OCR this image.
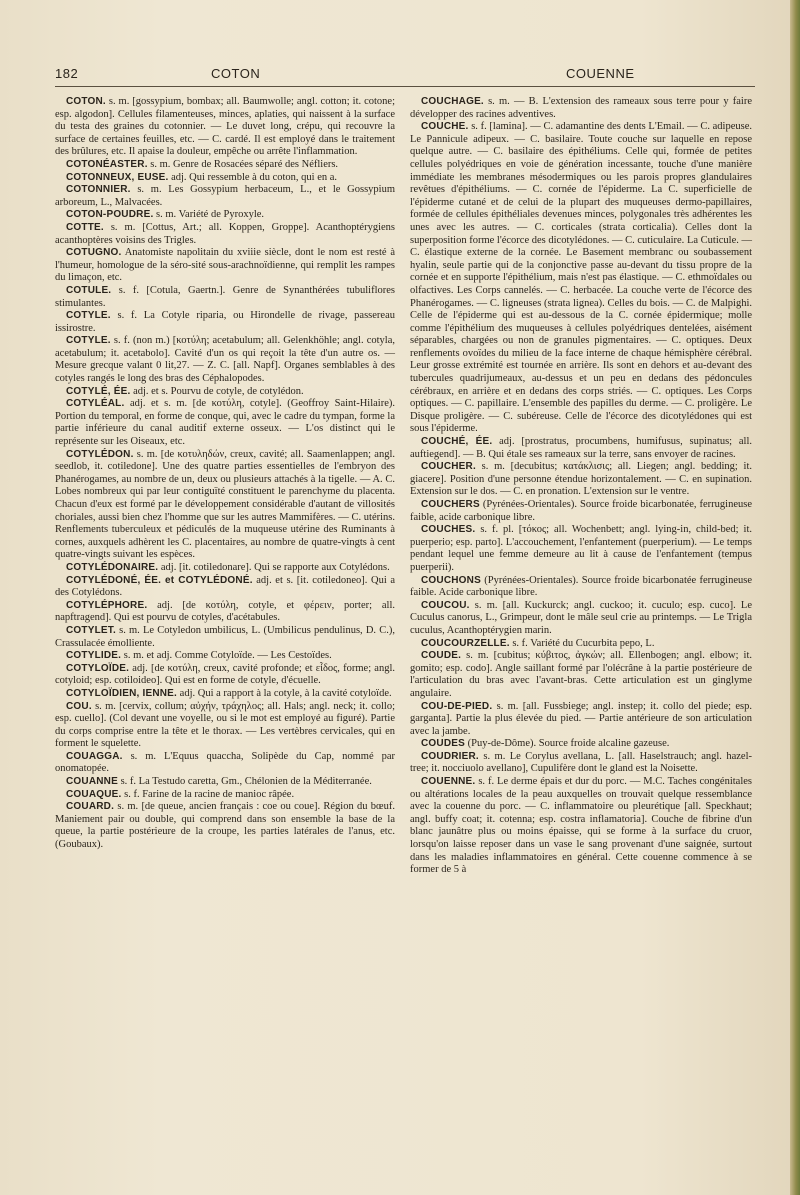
182	COTON	COUENNE

COTON. s. m. [gossypium, bombax; all. Baumwolle; angl. cotton; it. cotone; esp. algodon]. Cellules filamenteuses, minces, aplaties, qui naissent à la surface du testa des graines du cotonnier. — Le duvet long, crépu, qui recouvre la surface de certaines feuilles, etc. — C. cardé. Il est employé dans le traitement des brûlures, etc. Il apaise la douleur, empêche ou arrête l'inflammation.

COTONÉASTER. s. m. Genre de Rosacées séparé des Néfliers.

COTONNEUX, EUSE. adj. Qui ressemble à du coton, qui en a.

COTONNIER. s. m. Les Gossypium herbaceum, L., et le Gossypium arboreum, L., Malvacées.

COTON-POUDRE. s. m. Variété de Pyroxyle.

COTTE. s. m. [Cottus, Art.; all. Koppen, Groppe]. Acanthoptérygiens acanthoptères voisins des Trigles.

COTUGNO. Anatomiste napolitain du xviiie siècle, dont le nom est resté à l'humeur, homologue de la séro-sité sous-arachnoïdienne, qui remplit les rampes du limaçon, etc.

COTULE. s. f. [Cotula, Gaertn.]. Genre de Synanthérées tubuliflores stimulantes.

COTYLE. s. f. La Cotyle riparia, ou Hirondelle de rivage, passereau issirostre.

COTYLE. s. f. (non m.) [κοτύλη; acetabulum; all. Gelenkhöhle; angl. cotyla, acetabulum; it. acetabolo]. Cavité d'un os qui reçoit la tête d'un autre os. — Mesure grecque valant 0 lit,27. — Z. C. [all. Napf]. Organes semblables à des cotyles rangés le long des bras des Céphalopodes.

COTYLÉ, ÉE. adj. et s. Pourvu de cotyle, de cotylédon.

COTYLÉAL. adj. et s. m. [de κοτύλη, cotyle]. (Geoffroy Saint-Hilaire). Portion du temporal, en forme de conque, qui, avec le cadre du tympan, forme la partie inférieure du canal auditif externe osseux. — L'os distinct qui le représente sur les Oiseaux, etc.

COTYLÉDON. s. m. [de κοτυληδών, creux, cavité; all. Saamenlappen; angl. seedlob, it. cotiledone]. Une des quatre parties essentielles de l'embryon des Phanérogames, au nombre de un, deux ou plusieurs attachés à la tigelle. — A. C. Lobes nombreux qui par leur contiguïté constituent le parenchyme du placenta. Chacun d'eux est formé par le développement considérable d'autant de villosités choriales, aussi bien chez l'homme que sur les autres Mammifères. — C. utérins. Renflements tuberculeux et pédiculés de la muqueuse utérine des Ruminants à cornes, auxquels adhèrent les C. placentaires, au nombre de quatre-vingts à cent quatre-vingts suivant les espèces.

COTYLÉDONAIRE. adj. [it. cotiledonare]. Qui se rapporte aux Cotylédons.

COTYLÉDONÉ, ÉE. et COTYLÉDONÉ. adj. et s. [it. cotiledoneo]. Qui a des Cotylédons.

COTYLÉPHORE. adj. [de κοτύλη, cotyle, et φέρειν, porter; all. napftragend]. Qui est pourvu de cotyles, d'acétabules.

COTYLET. s. m. Le Cotyledon umbilicus, L. (Umbilicus pendulinus, D. C.), Crassulacée émolliente.

COTYLIDE. s. m. et adj. Comme Cotyloïde. — Les Cestoïdes.

COTYLOÏDE. adj. [de κοτύλη, creux, cavité profonde; et εἶδος, forme; angl. cotyloid; esp. cotiloideo]. Qui est en forme de cotyle, d'écuelle.

COTYLOÏDIEN, IENNE. adj. Qui a rapport à la cotyle, à la cavité cotyloïde.

COU. s. m. [cervix, collum; αὐχήν, τράχηλος; all. Hals; angl. neck; it. collo; esp. cuello]. (Col devant une voyelle, ou si le mot est employé au figuré). Partie du corps comprise entre la tête et le thorax. — Les vertèbres cervicales, qui en forment le squelette.

COUAGGA. s. m. L'Equus quaccha, Solipède du Cap, nommé par onomatopée.

COUANNE s. f. La Testudo caretta, Gm., Chélonien de la Méditerranée.

COUAQUE. s. f. Farine de la racine de manioc râpée.

COUARD. s. m. [de queue, ancien français : coe ou coue]. Région du bœuf. Maniement pair ou double, qui comprend dans son ensemble la base de la queue, la partie postérieure de la croupe, les parties latérales de l'anus, etc. (Goubaux).

COUCHAGE. s. m. — B. L'extension des rameaux sous terre pour y faire développer des racines adventives.

COUCHE. s. f. [lamina]. — C. adamantine des dents L'Email. — C. adipeuse. Le Pannicule adipeux. — C. basilaire. Toute couche sur laquelle en repose quelque autre. — C. basilaire des épithéliums. Celle qui, formée de petites cellules polyédriques en voie de génération incessante, touche d'une manière immédiate les membranes mésodermiques ou les parois propres glandulaires revêtues d'épithéliums. — C. cornée de l'épiderme. La C. superficielle de l'épiderme cutané et de celui de la plupart des muqueuses dermo-papillaires, formée de cellules épithéliales devenues minces, polygonales très adhérentes les unes avec les autres. — C. corticales (strata corticalia). Celles dont la superposition forme l'écorce des dicotylédones. — C. cuticulaire. La Cuticule. — C. élastique externe de la cornée. Le Basement membranc ou soubassement hyalin, seule partie qui de la conjonctive passe au-devant du tissu propre de la cornée et en supporte l'épithélium, mais n'est pas élastique. — C. ethmoïdales ou olfactives. Les Corps cannelés. — C. herbacée. La couche verte de l'écorce des Phanérogames. — C. ligneuses (strata lignea). Celles du bois. — C. de Malpighi. Celle de l'épiderme qui est au-dessous de la C. cornée épidermique; molle comme l'épithélium des muqueuses à cellules polyédriques dentelées, aisément séparables, chargées ou non de granules pigmentaires. — C. optiques. Deux renflements ovoïdes du milieu de la face interne de chaque hémisphère cérébral. Leur grosse extrémité est tournée en arrière. Ils sont en dehors et au-devant des tubercules quadrijumeaux, au-dessus et un peu en dedans des pédoncules cérébraux, en arrière et en dedans des corps striés. — C. optiques. Les Corps optiques. — C. papillaire. L'ensemble des papilles du derme. — C. proligère. Le Disque proligère. — C. subéreuse. Celle de l'écorce des dicotylédones qui est sous l'épiderme.

COUCHÉ, ÉE. adj. [prostratus, procumbens, humifusus, supinatus; all. auftiegend]. — B. Qui étale ses rameaux sur la terre, sans envoyer de racines.

COUCHER. s. m. [decubitus; κατάκλισις; all. Liegen; angl. bedding; it. giacere]. Position d'une personne étendue horizontalement. — C. en supination. Extension sur le dos. — C. en pronation. L'extension sur le ventre.

COUCHERS (Pyrénées-Orientales). Source froide bicarbonatée, ferrugineuse faible, acide carbonique libre.

COUCHES. s. f. pl. [τόκος; all. Wochenbett; angl. lying-in, child-bed; it. puerperio; esp. parto]. L'accouchement, l'enfantement (puerperium). — Le temps pendant lequel une femme demeure au lit à cause de l'enfantement (tempus puerperii).

COUCHONS (Pyrénées-Orientales). Source froide bicarbonatée ferrugineuse faible. Acide carbonique libre.

COUCOU. s. m. [all. Kuckurck; angl. cuckoo; it. cuculo; esp. cuco]. Le Cuculus canorus, L., Grimpeur, dont le mâle seul crie au printemps. — Le Trigla cuculus, Acanthoptérygien marin.

COUCOURZELLE. s. f. Variété du Cucurbita pepo, L.

COUDE. s. m. [cubitus; κύβιτος, ἀγκών; all. Ellenbogen; angl. elbow; it. gomito; esp. codo]. Angle saillant formé par l'olécrâne à la partie postérieure de l'articulation du bras avec l'avant-bras. Cette articulation est un ginglyme angulaire.

COU-DE-PIED. s. m. [all. Fussbiege; angl. instep; it. collo del piede; esp. garganta]. Partie la plus élevée du pied. — Partie antérieure de son articulation avec la jambe.

COUDES (Puy-de-Dôme). Source froide alcaline gazeuse.

COUDRIER. s. m. Le Corylus avellana, L. [all. Haselstrauch; angl. hazel-tree; it. nocciuolo avellano], Cupulifère dont le gland est la Noisette.

COUENNE. s. f. Le derme épais et dur du porc. — M.C. Taches congénitales ou altérations locales de la peau auxquelles on trouvait quelque ressemblance avec la couenne du porc. — C. inflammatoire ou pleurétique [all. Speckhaut; angl. buffy coat; it. cotenna; esp. costra inflamatoria]. Couche de fibrine d'un blanc jaunâtre plus ou moins épaisse, qui se forme à la surface du cruor, lorsqu'on laisse reposer dans un vase le sang provenant d'une saignée, surtout dans les maladies inflammatoires en général. Cette couenne commence à se former de 5 à
